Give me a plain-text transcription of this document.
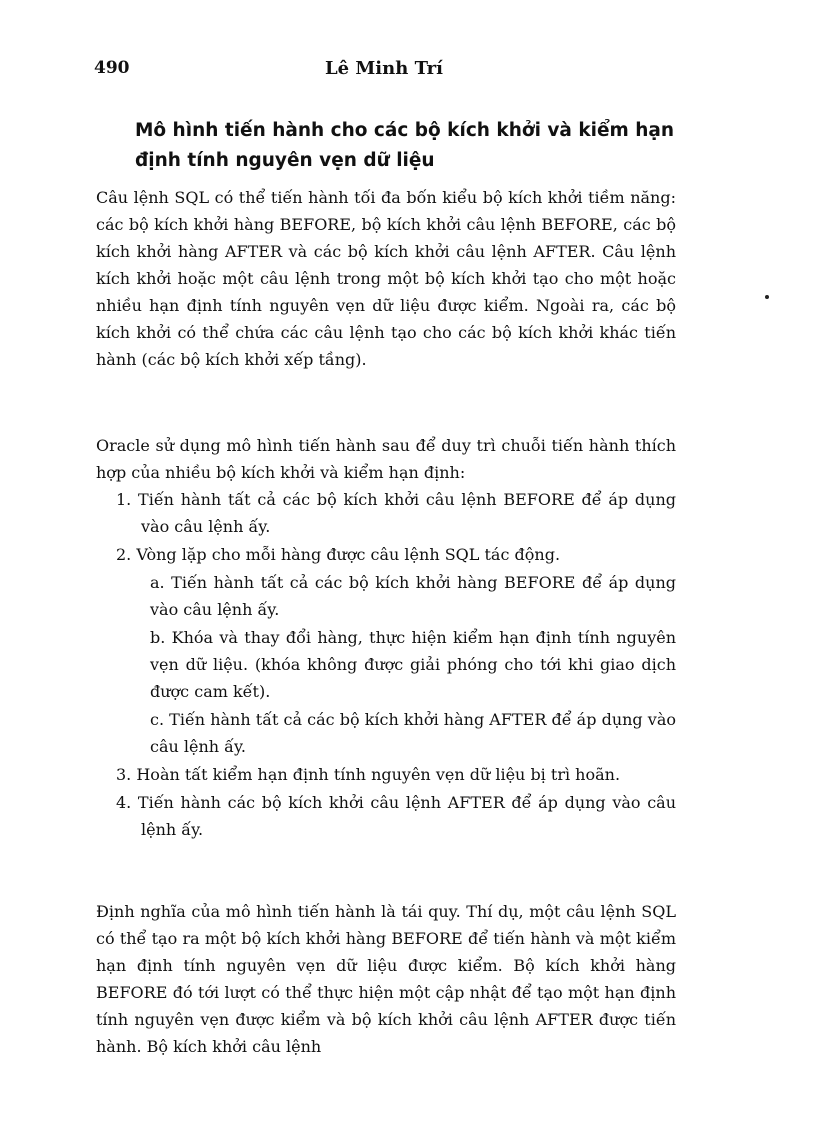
490	Lê Minh Trí
Mô hình tiến hành cho các bộ kích khởi và kiểm hạn định tính nguyên vẹn dữ liệu

Câu lệnh SQL có thể tiến hành tối đa bốn kiểu bộ kích khởi tiềm năng: các bộ kích khởi hàng BEFORE, bộ kích khởi câu lệnh BEFORE, các bộ kích khởi hàng AFTER và các bộ kích khởi câu lệnh AFTER. Câu lệnh kích khởi hoặc một câu lệnh trong một bộ kích khởi tạo cho một hoặc nhiều hạn định tính nguyên vẹn dữ liệu được kiểm. Ngoài ra, các bộ kích khởi có thể chứa các câu lệnh tạo cho các bộ kích khởi khác tiến hành (các bộ kích khởi xếp tầng).

Oracle sử dụng mô hình tiến hành sau để duy trì chuỗi tiến hành thích hợp của nhiều bộ kích khởi và kiểm hạn định:

1. Tiến hành tất cả các bộ kích khởi câu lệnh BEFORE để áp dụng vào câu lệnh ấy.

2. Vòng lặp cho mỗi hàng được câu lệnh SQL tác động.

a. Tiến hành tất cả các bộ kích khởi hàng BEFORE để áp dụng vào câu lệnh ấy.

b. Khóa và thay đổi hàng, thực hiện kiểm hạn định tính nguyên vẹn dữ liệu. (khóa không được giải phóng cho tới khi giao dịch được cam kết).

c. Tiến hành tất cả các bộ kích khởi hàng AFTER để áp dụng vào câu lệnh ấy.

3. Hoàn tất kiểm hạn định tính nguyên vẹn dữ liệu bị trì hoãn.

4. Tiến hành các bộ kích khởi câu lệnh AFTER để áp dụng vào câu lệnh ấy.

Định nghĩa của mô hình tiến hành là tái quy. Thí dụ, một câu lệnh SQL có thể tạo ra một bộ kích khởi hàng BEFORE để tiến hành và một kiểm hạn định tính nguyên vẹn dữ liệu được kiểm. Bộ kích khởi hàng BEFORE đó tới lượt có thể thực hiện một cập nhật để tạo một hạn định tính nguyên vẹn được kiểm và bộ kích khởi câu lệnh AFTER được tiến hành. Bộ kích khởi câu lệnh
